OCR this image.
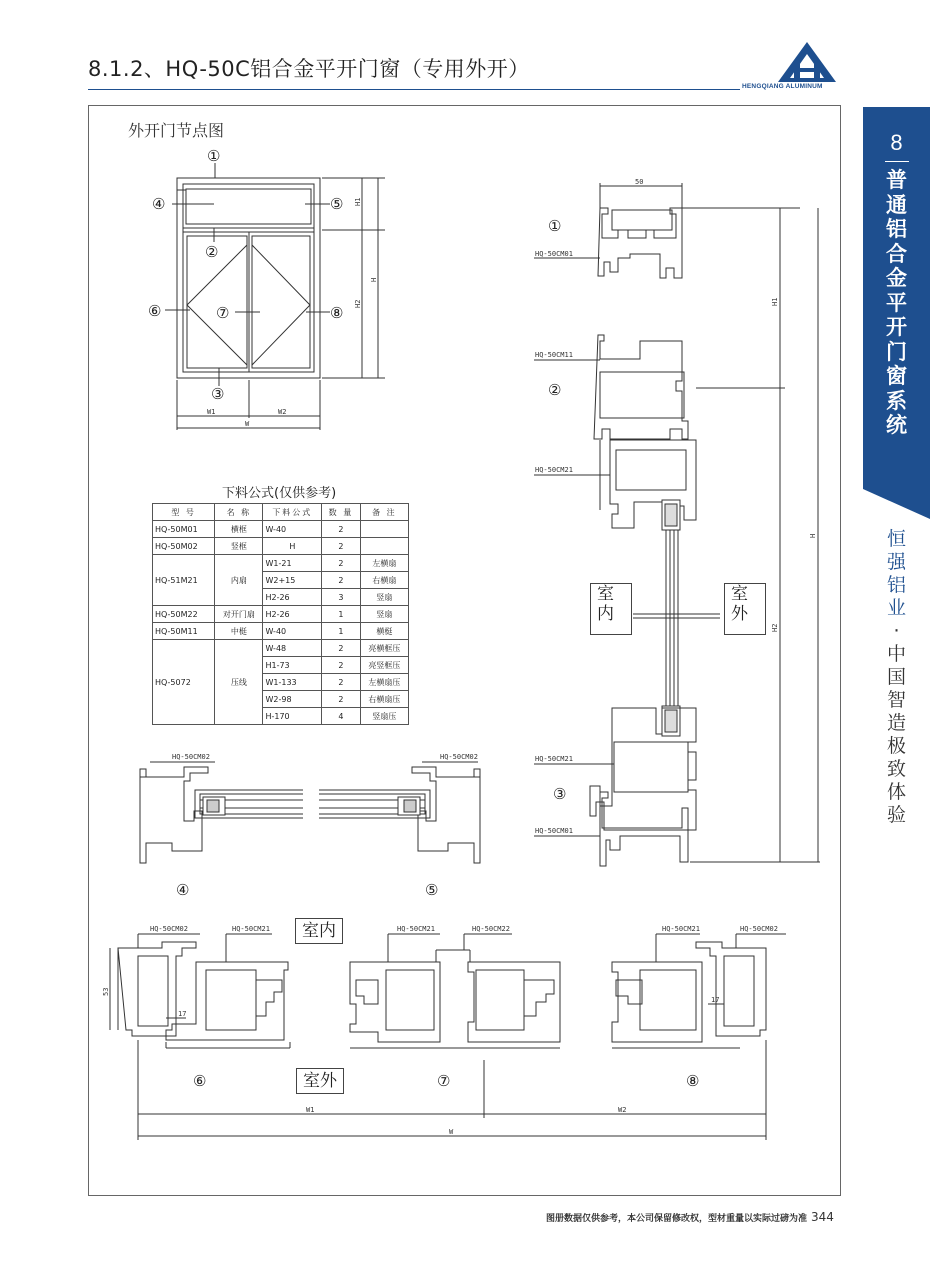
8.1.2、HQ-50C铝合金平开门窗（专用外开）
HENGQIANG ALUMINUM
8
普
通
铝
合
金
平
开
门
窗
系
统
恒
强
铝
业
·
中
国
智
造
极
致
体
验
外开门节点图
①
④	⑤
②
⑥	⑦	⑧
③
W1	W2
W
H1
H2
H
50
①
HQ-50CM01
HQ-50CM11
②
HQ-50CM21
HQ-50CM21
③
HQ-50CM01
H1
H2
H
HQ-50CM02	HQ-50CM02
④	⑤
HQ-50CM02	HQ-50CM21	HQ-50CM21	HQ-50CM22	HQ-50CM21	HQ-50CM02
53
17
17
⑥	⑦	⑧
W1	W2
W
室内
室外
室内
室外
下料公式(仅供参考)
型 号	名 称	下料公式	数 量	备 注
HQ-50M01	横框	W-40	2	
HQ-50M02	竖框	H	2	
HQ-51M21	内扇	W1-21	2	左横扇
		W2+15	2	右横扇
		H2-26	3	竖扇
HQ-50M22	对开门扇	H2-26	1	竖扇
HQ-50M11	中梃	W-40	1	横梃
HQ-5072	压线	W-48	2	亮横框压
		H1-73	2	亮竖框压
		W1-133	2	左横扇压
		W2-98	2	右横扇压
		H-170	4	竖扇压
图册数据仅供参考，本公司保留修改权，型材重量以实际过磅为准 344
